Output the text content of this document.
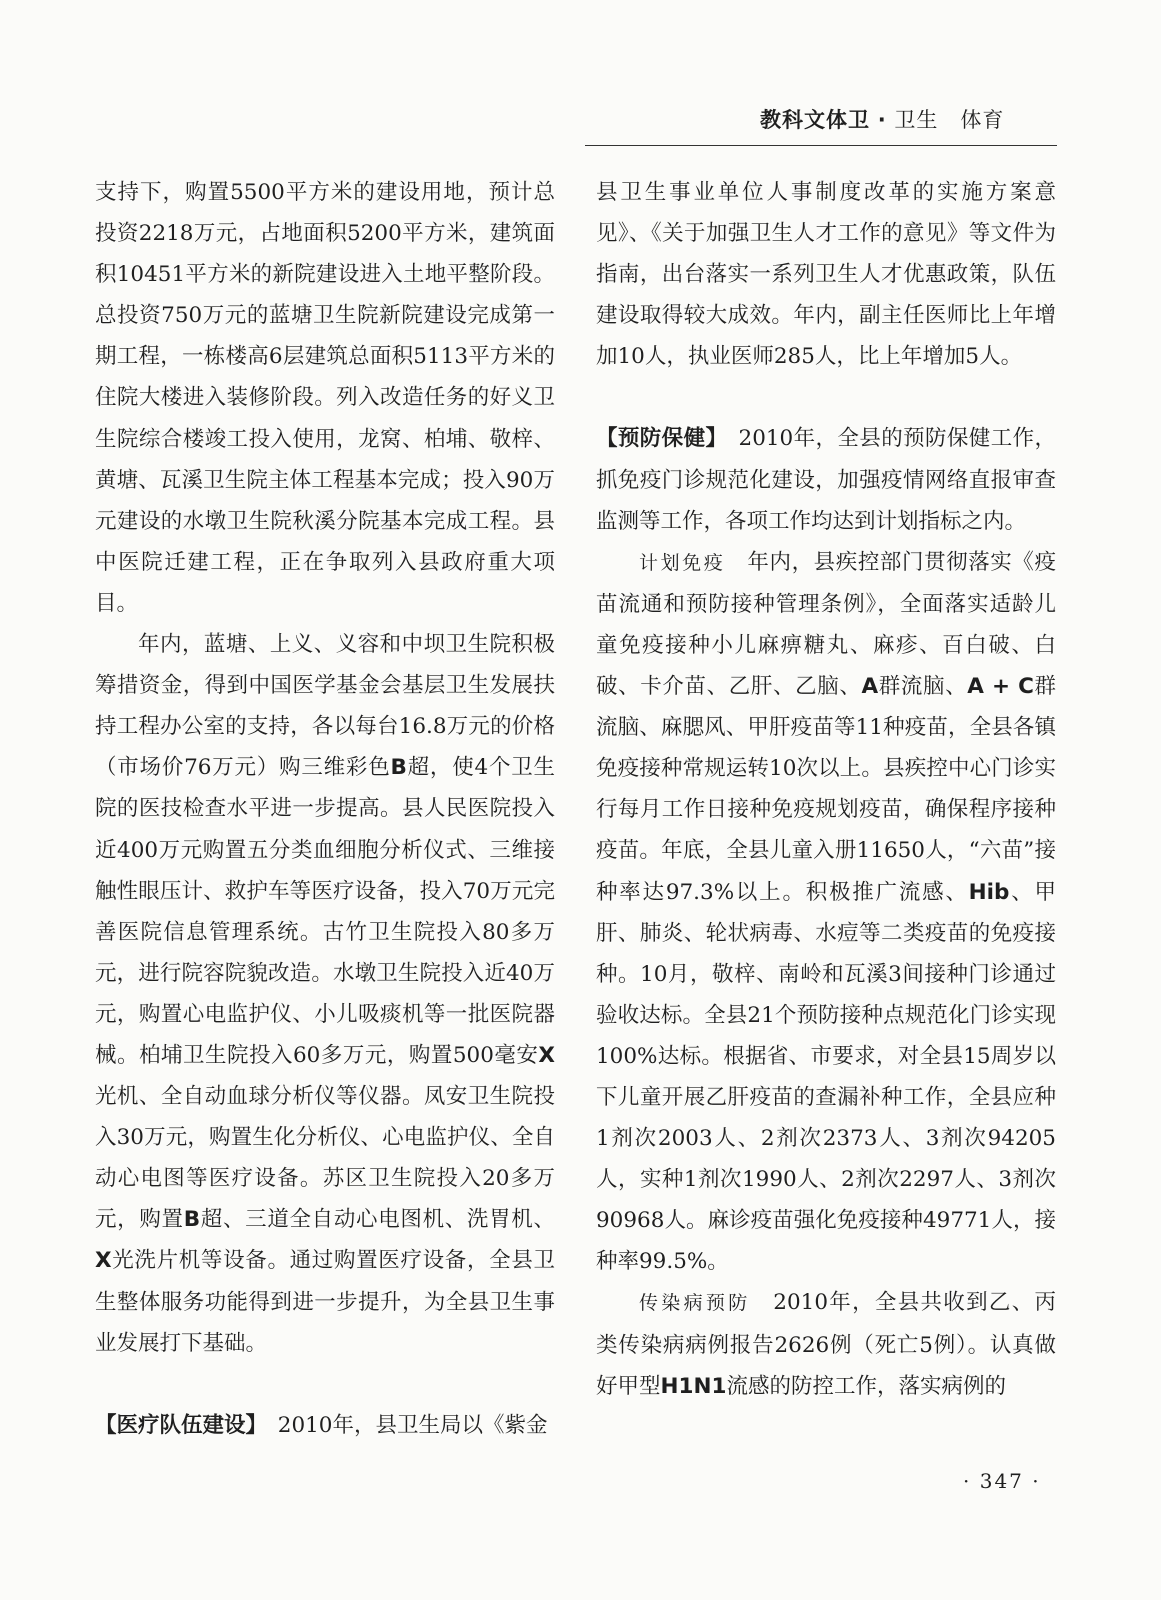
教科文体卫 · 卫生　体育

支持下，购置5500平方米的建设用地，预计总投资2218万元，占地面积5200平方米，建筑面积10451平方米的新院建设进入土地平整阶段。总投资750万元的蓝塘卫生院新院建设完成第一期工程，一栋楼高6层建筑总面积5113平方米的住院大楼进入装修阶段。列入改造任务的好义卫生院综合楼竣工投入使用，龙窝、柏埔、敬梓、黄塘、瓦溪卫生院主体工程基本完成；投入90万元建设的水墩卫生院秋溪分院基本完成工程。县中医院迁建工程，正在争取列入县政府重大项目。

年内，蓝塘、上义、义容和中坝卫生院积极筹措资金，得到中国医学基金会基层卫生发展扶持工程办公室的支持，各以每台16.8万元的价格（市场价76万元）购三维彩色B超，使4个卫生院的医技检查水平进一步提高。县人民医院投入近400万元购置五分类血细胞分析仪式、三维接触性眼压计、救护车等医疗设备，投入70万元完善医院信息管理系统。古竹卫生院投入80多万元，进行院容院貌改造。水墩卫生院投入近40万元，购置心电监护仪、小儿吸痰机等一批医院器械。柏埔卫生院投入60多万元，购置500毫安X光机、全自动血球分析仪等仪器。凤安卫生院投入30万元，购置生化分析仪、心电监护仪、全自动心电图等医疗设备。苏区卫生院投入20多万元，购置B超、三道全自动心电图机、洗胃机、X光洗片机等设备。通过购置医疗设备，全县卫生整体服务功能得到进一步提升，为全县卫生事业发展打下基础。

【医疗队伍建设】　2010年，县卫生局以《紫金

县卫生事业单位人事制度改革的实施方案意见》、《关于加强卫生人才工作的意见》等文件为指南，出台落实一系列卫生人才优惠政策，队伍建设取得较大成效。年内，副主任医师比上年增加10人，执业医师285人，比上年增加5人。

【预防保健】　2010年，全县的预防保健工作，抓免疫门诊规范化建设，加强疫情网络直报审查监测等工作，各项工作均达到计划指标之内。

计划免疫　年内，县疾控部门贯彻落实《疫苗流通和预防接种管理条例》，全面落实适龄儿童免疫接种小儿麻痹糖丸、麻疹、百白破、白破、卡介苗、乙肝、乙脑、A群流脑、A + C群流脑、麻腮风、甲肝疫苗等11种疫苗，全县各镇免疫接种常规运转10次以上。县疾控中心门诊实行每月工作日接种免疫规划疫苗，确保程序接种疫苗。年底，全县儿童入册11650人，“六苗”接种率达97.3%以上。积极推广流感、Hib、甲肝、肺炎、轮状病毒、水痘等二类疫苗的免疫接种。10月，敬梓、南岭和瓦溪3间接种门诊通过验收达标。全县21个预防接种点规范化门诊实现100%达标。根据省、市要求，对全县15周岁以下儿童开展乙肝疫苗的查漏补种工作，全县应种1剂次2003人、2剂次2373人、3剂次94205人，实种1剂次1990人、2剂次2297人、3剂次90968人。麻诊疫苗强化免疫接种49771人，接种率99.5%。

传染病预防　2010年，全县共收到乙、丙类传染病病例报告2626例（死亡5例）。认真做好甲型H1N1流感的防控工作，落实病例的

· 347 ·
